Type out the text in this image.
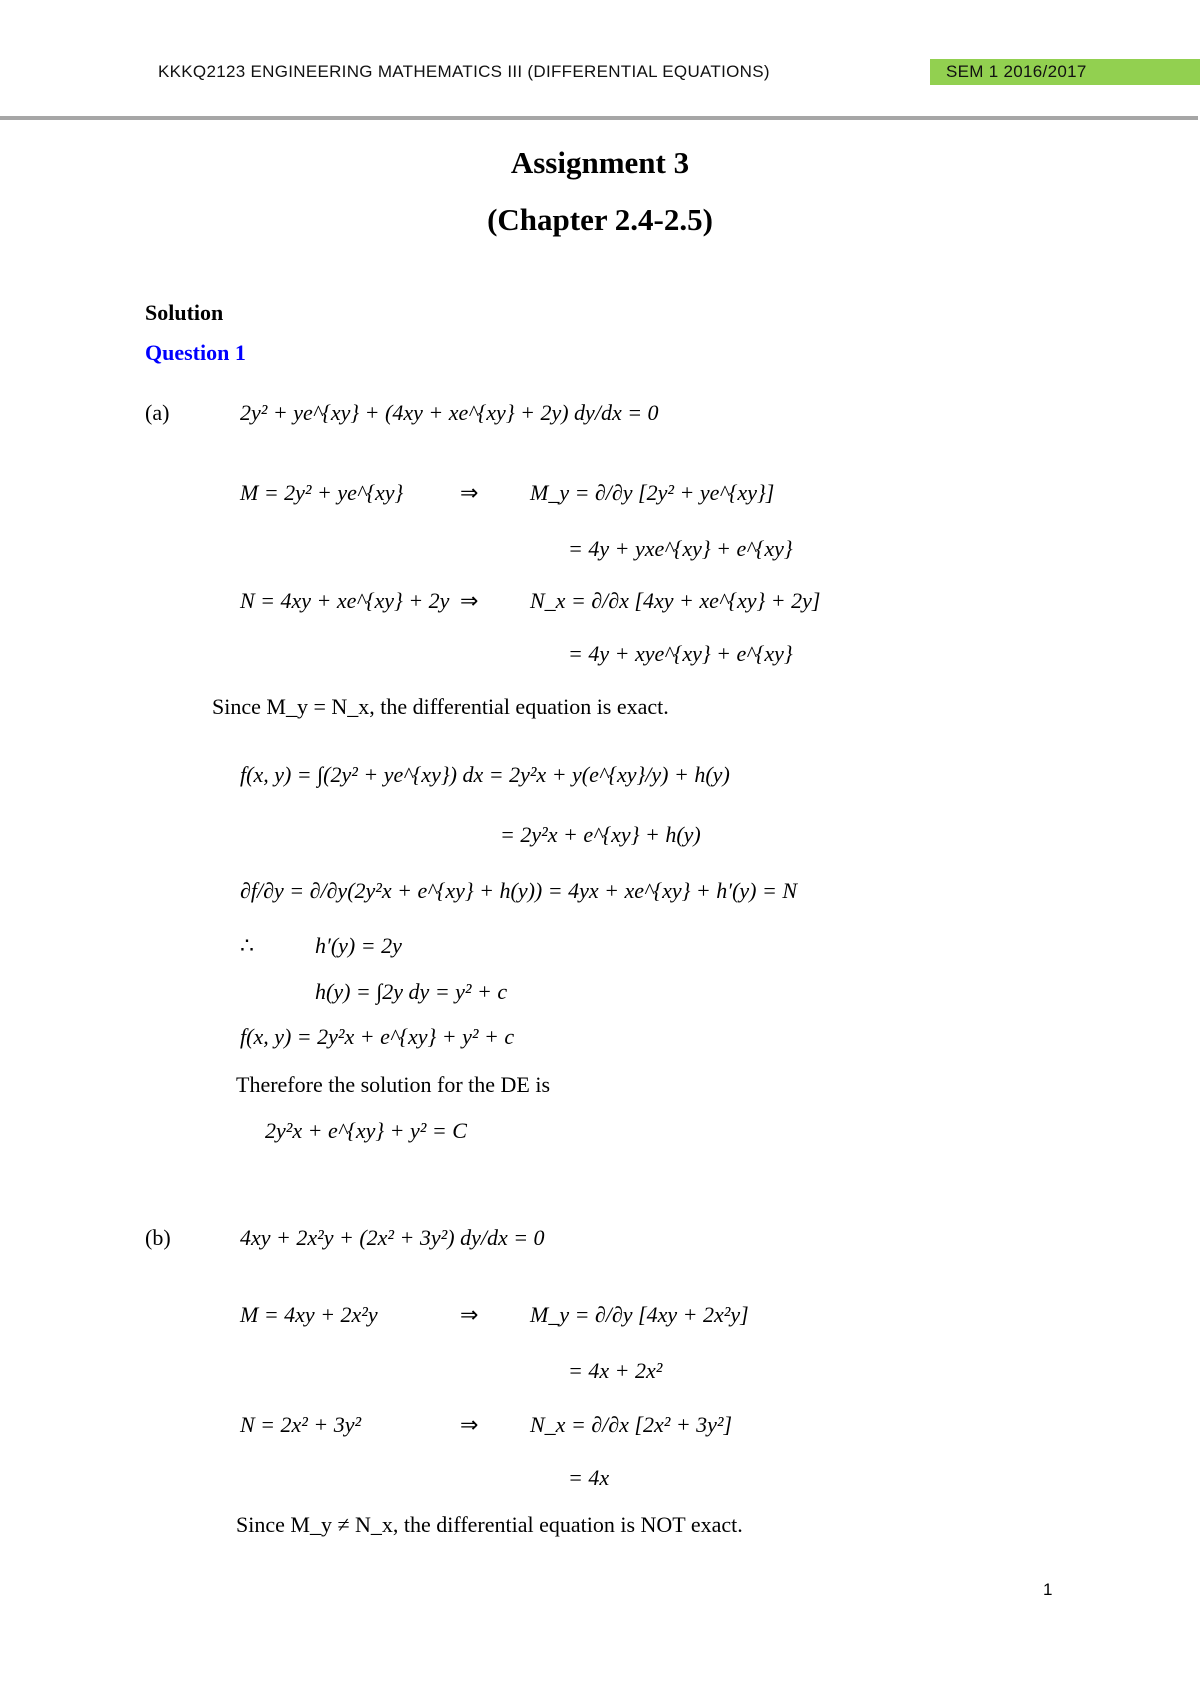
KKKQ2123 ENGINEERING MATHEMATICS III (DIFFERENTIAL EQUATIONS)	SEM 1 2016/2017
Assignment 3
(Chapter 2.4-2.5)
Solution
Question 1
(a)	2y² + ye^{xy} + (4xy + xe^{xy} + 2y) dy/dx = 0
M = 2y² + ye^{xy}	⇒ M_y = ∂/∂y [2y² + ye^{xy}]
= 4y + yxe^{xy} + e^{xy}
N = 4xy + xe^{xy} + 2y ⇒ N_x = ∂/∂x [4xy + xe^{xy} + 2y]
= 4y + xye^{xy} + e^{xy}
Since M_y = N_x, the differential equation is exact.
f(x, y) = ∫(2y² + ye^{xy}) dx = 2y²x + y(e^{xy}/y) + h(y)
= 2y²x + e^{xy} + h(y)
∂f/∂y = ∂/∂y(2y²x + e^{xy} + h(y)) = 4yx + xe^{xy} + h′(y) = N
∴	h′(y) = 2y
h(y) = ∫2y dy = y² + c
f(x, y) = 2y²x + e^{xy} + y² + c
Therefore the solution for the DE is
2y²x + e^{xy} + y² = C
(b)	4xy + 2x²y + (2x² + 3y²) dy/dx = 0
M = 4xy + 2x²y	⇒ M_y = ∂/∂y [4xy + 2x²y]
= 4x + 2x²
N = 2x² + 3y²	⇒ N_x = ∂/∂x [2x² + 3y²]
= 4x
Since M_y ≠ N_x, the differential equation is NOT exact.
1
